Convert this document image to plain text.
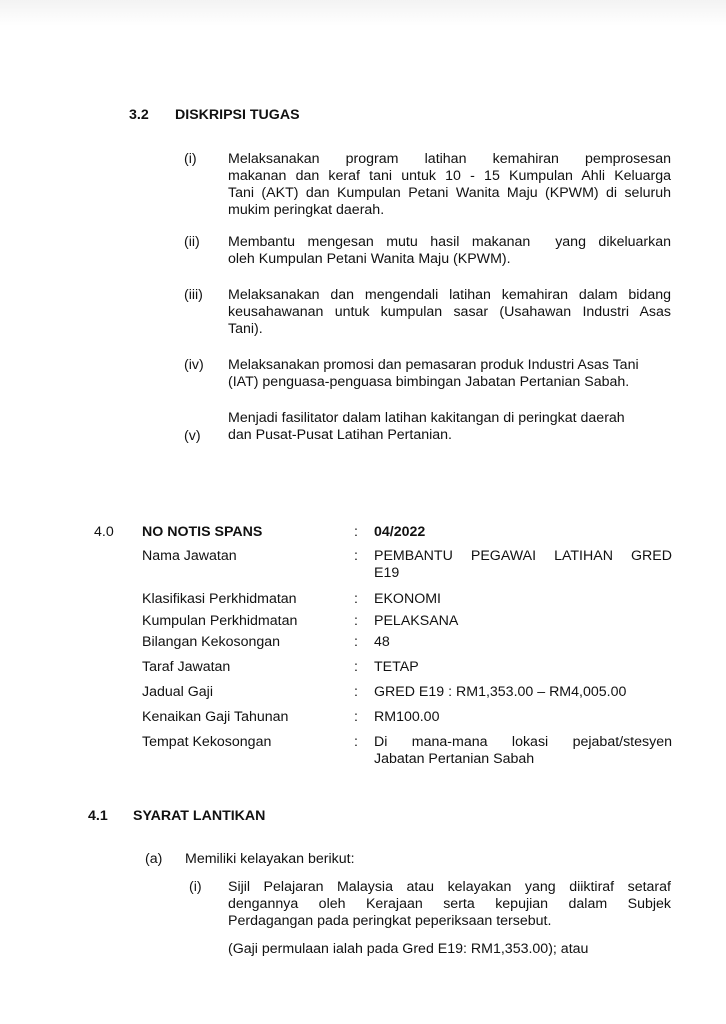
3.2 DISKRIPSI TUGAS
(i) Melaksanakan program latihan kemahiran pemprosesan
makanan dan keraf tani untuk 10 - 15 Kumpulan Ahli Keluarga
Tani (AKT) dan Kumpulan Petani Wanita Maju (KPWM) di seluruh
mukim peringkat daerah.
(ii) Membantu mengesan mutu hasil makanan  yang dikeluarkan
oleh Kumpulan Petani Wanita Maju (KPWM).
(iii) Melaksanakan dan mengendali latihan kemahiran dalam bidang
keusahawanan untuk kumpulan sasar (Usahawan Industri Asas
Tani).
(iv) Melaksanakan promosi dan pemasaran produk Industri Asas Tani
(IAT) penguasa-penguasa bimbingan Jabatan Pertanian Sabah.
(v)
Menjadi fasilitator dalam latihan kakitangan di peringkat daerah
dan Pusat-Pusat Latihan Pertanian.
4.0 NO NOTIS SPANS	: 04/2022
Nama Jawatan	: PEMBANTU PEGAWAI LATIHAN GRED
E19
Klasifikasi Perkhidmatan	: EKONOMI
Kumpulan Perkhidmatan	: PELAKSANA
Bilangan Kekosongan	: 48
Taraf Jawatan	: TETAP
Jadual Gaji	: GRED E19 : RM1,353.00 – RM4,005.00
Kenaikan Gaji Tahunan	: RM100.00
Tempat Kekosongan	: Di mana-mana lokasi pejabat/stesyen
Jabatan Pertanian Sabah
4.1 SYARAT LANTIKAN
(a) Memiliki kelayakan berikut:
(i) Sijil Pelajaran Malaysia atau kelayakan yang diiktiraf setaraf
dengannya oleh Kerajaan serta kepujian dalam Subjek
Perdagangan pada peringkat peperiksaan tersebut.
(Gaji permulaan ialah pada Gred E19: RM1,353.00); atau
